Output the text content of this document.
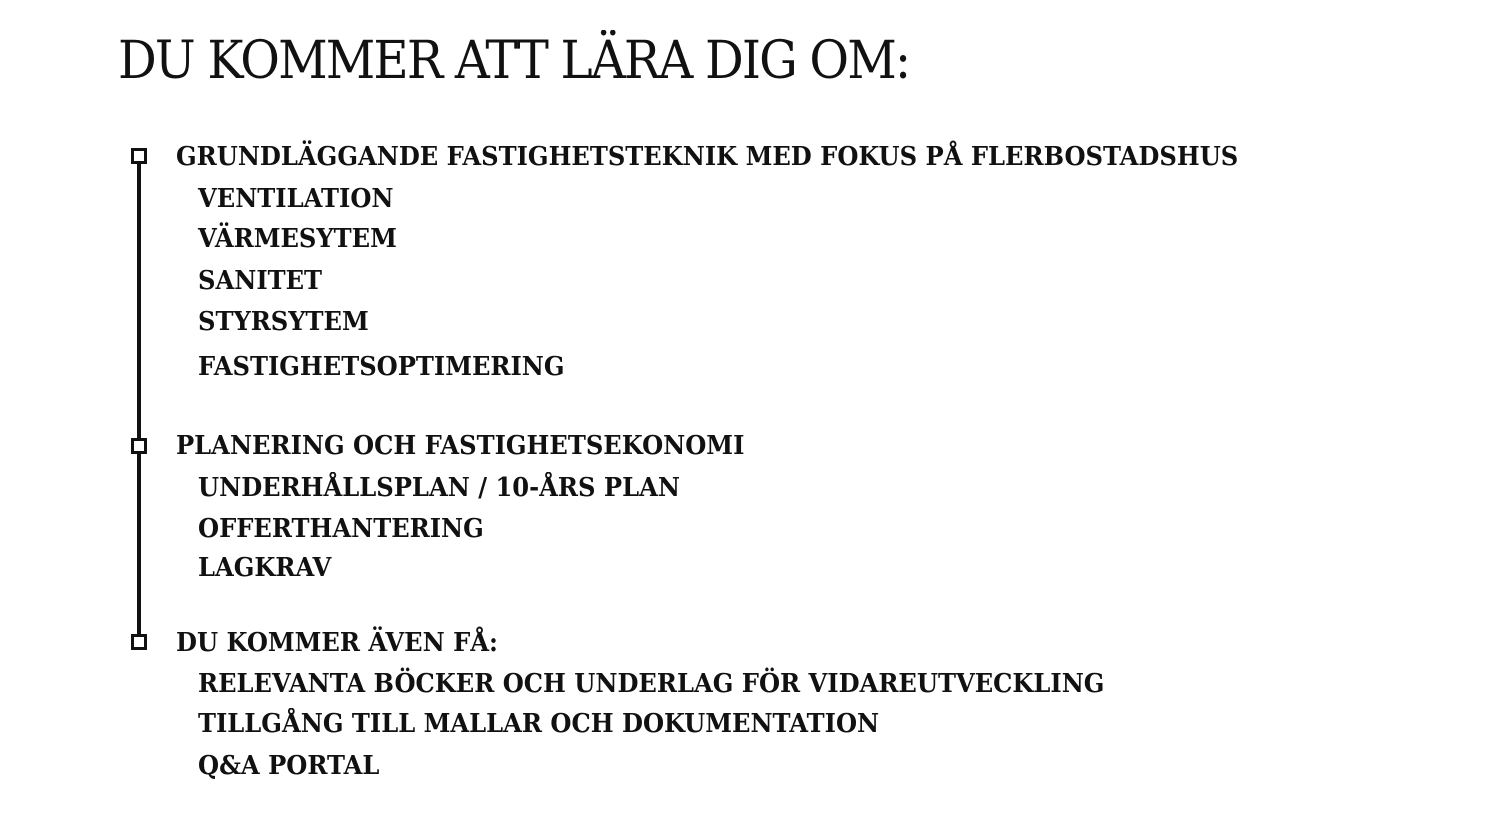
DU KOMMER ATT LÄRA DIG OM:

GRUNDLÄGGANDE FASTIGHETSTEKNIK MED FOKUS PÅ FLERBOSTADSHUS

VENTILATION

VÄRMESYTEM

SANITET

STYRSYTEM

FASTIGHETSOPTIMERING

PLANERING OCH FASTIGHETSEKONOMI

UNDERHÅLLSPLAN / 10-ÅRS PLAN

OFFERTHANTERING

LAGKRAV

DU KOMMER ÄVEN FÅ:

RELEVANTA BÖCKER OCH UNDERLAG FÖR VIDAREUTVECKLING

TILLGÅNG TILL MALLAR OCH DOKUMENTATION

Q&A PORTAL
